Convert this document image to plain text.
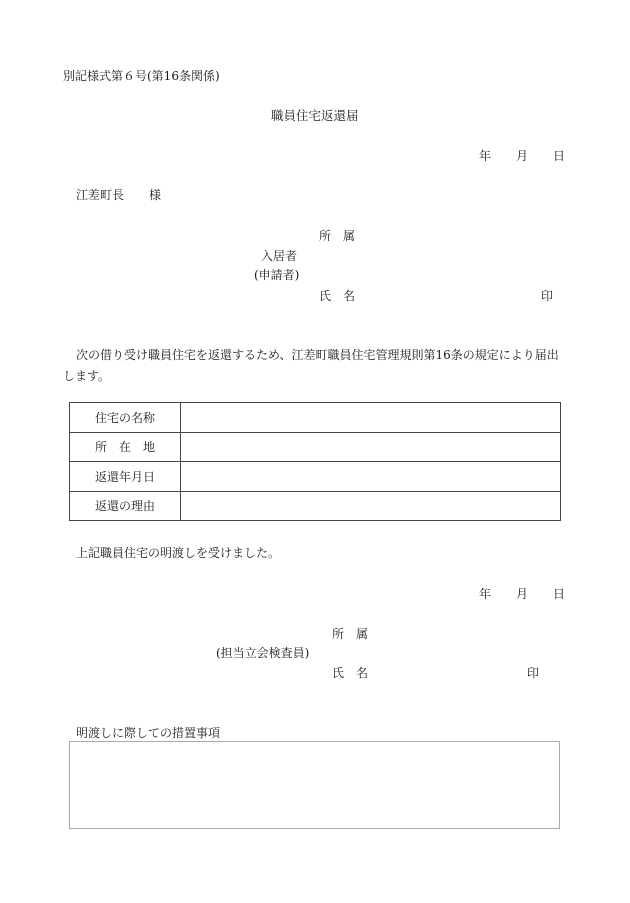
別記様式第６号(第16条関係)
職員住宅返還届
年 月 日
江差町長 様
所　属
入居者
(申請者)
氏　名	印
次の借り受け職員住宅を返還するため、江差町職員住宅管理規則第16条の規定により届出
します。
住宅の名称	
所　在　地	
返還年月日	
返還の理由	
上記職員住宅の明渡しを受けました。
年 月 日
所　属
(担当立会検査員)
氏　名	印
明渡しに際しての措置事項
